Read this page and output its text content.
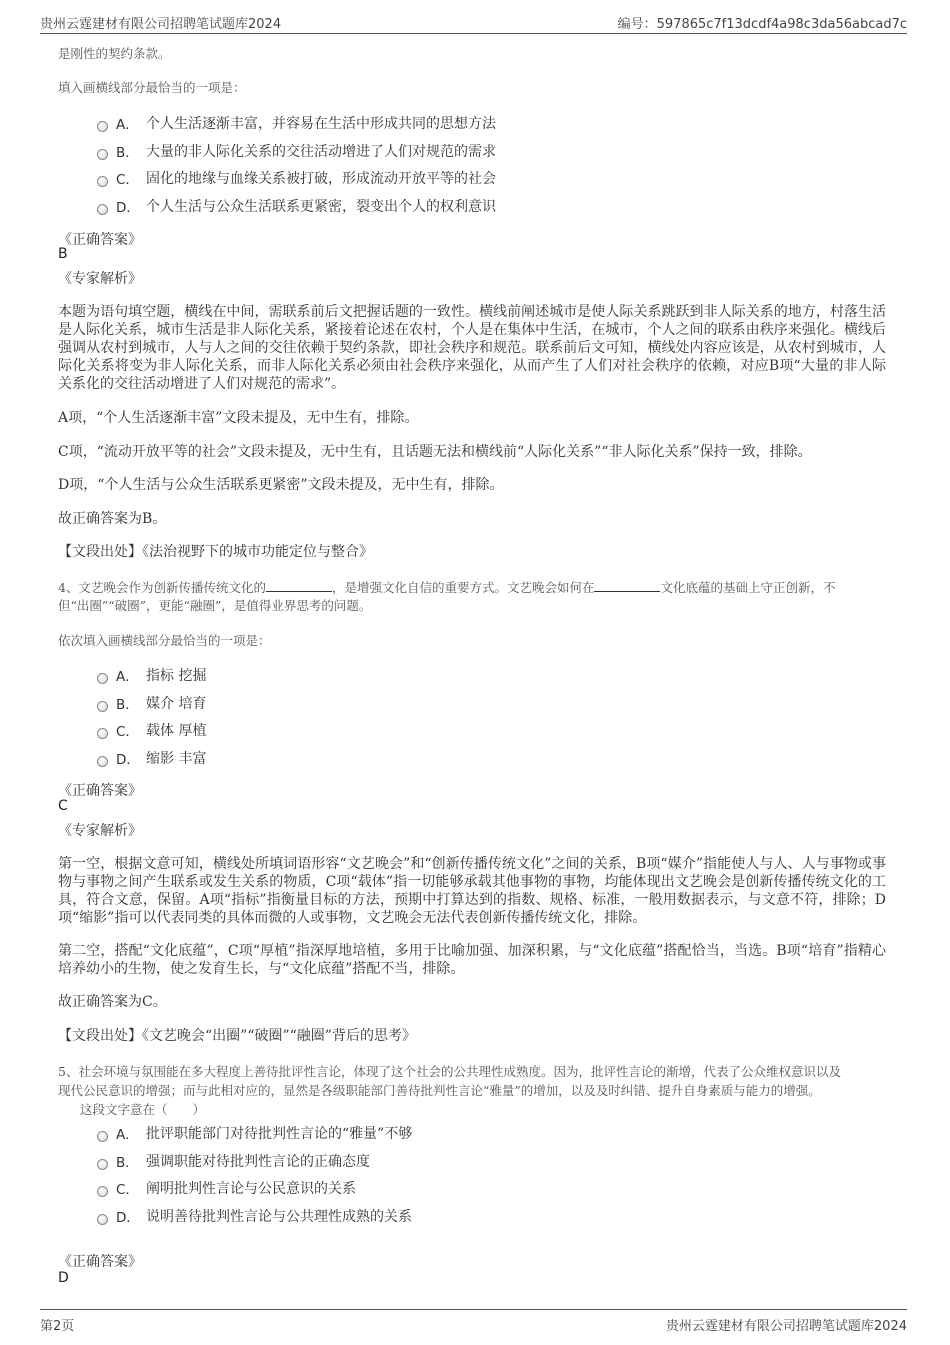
贵州云霆建材有限公司招聘笔试题库2024	编号：597865c7f13dcdf4a98c3da56abcad7c
是刚性的契约条款。
填入画横线部分最恰当的一项是：
A． 个人生活逐渐丰富，并容易在生活中形成共同的思想方法
B． 大量的非人际化关系的交往活动增进了人们对规范的需求
C． 固化的地缘与血缘关系被打破，形成流动开放平等的社会
D． 个人生活与公众生活联系更紧密，裂变出个人的权利意识
《正确答案》
B
《专家解析》
本题为语句填空题，横线在中间，需联系前后文把握话题的一致性。横线前阐述城市是使人际关系跳跃到非人际关系的地方，村落生活是人际化关系，城市生活是非人际化关系，紧接着论述在农村，个人是在集体中生活，在城市，个人之间的联系由秩序来强化。横线后强调从农村到城市，人与人之间的交往依赖于契约条款，即社会秩序和规范。联系前后文可知，横线处内容应该是，从农村到城市，人际化关系将变为非人际化关系，而非人际化关系必须由社会秩序来强化，从而产生了人们对社会秩序的依赖，对应B项“大量的非人际关系化的交往活动增进了人们对规范的需求”。
A项，“个人生活逐渐丰富”文段未提及，无中生有，排除。
C项，“流动开放平等的社会”文段未提及，无中生有，且话题无法和横线前“人际化关系”“非人际化关系”保持一致，排除。
D项，“个人生活与公众生活联系更紧密”文段未提及，无中生有，排除。
故正确答案为B。
【文段出处】《法治视野下的城市功能定位与整合》
4、文艺晚会作为创新传播传统文化的	，是增强文化自信的重要方式。文艺晚会如何在	文化底蕴的基础上守正创新，不
但“出圈”“破圈”，更能“融圈”，是值得业界思考的问题。
依次填入画横线部分最恰当的一项是：
A． 指标 挖掘
B． 媒介 培育
C． 载体 厚植
D． 缩影 丰富
《正确答案》
C
《专家解析》
第一空，根据文意可知，横线处所填词语形容“文艺晚会”和“创新传播传统文化”之间的关系，B项“媒介”指能使人与人、人与事物或事物与事物之间产生联系或发生关系的物质，C项“载体”指一切能够承载其他事物的事物，均能体现出文艺晚会是创新传播传统文化的工具，符合文意，保留。A项“指标”指衡量目标的方法，预期中打算达到的指数、规格、标准，一般用数据表示，与文意不符，排除；D项“缩影”指可以代表同类的具体而微的人或事物，文艺晚会无法代表创新传播传统文化，排除。
第二空，搭配“文化底蕴”，C项“厚植”指深厚地培植，多用于比喻加强、加深积累，与“文化底蕴”搭配恰当，当选。B项“培育”指精心培养幼小的生物，使之发育生长，与“文化底蕴”搭配不当，排除。
故正确答案为C。
【文段出处】《文艺晚会“出圈”“破圈”“融圈”背后的思考》
5、社会环境与氛围能在多大程度上善待批评性言论，体现了这个社会的公共理性成熟度。因为，批评性言论的渐增，代表了公众维权意识以及
现代公民意识的增强；而与此相对应的，显然是各级职能部门善待批判性言论“雅量”的增加，以及及时纠错、提升自身素质与能力的增强。
这段文字意在（　　）
A． 批评职能部门对待批判性言论的“雅量”不够
B． 强调职能对待批判性言论的正确态度
C． 阐明批判性言论与公民意识的关系
D． 说明善待批判性言论与公共理性成熟的关系
《正确答案》
D
第2页	贵州云霆建材有限公司招聘笔试题库2024
